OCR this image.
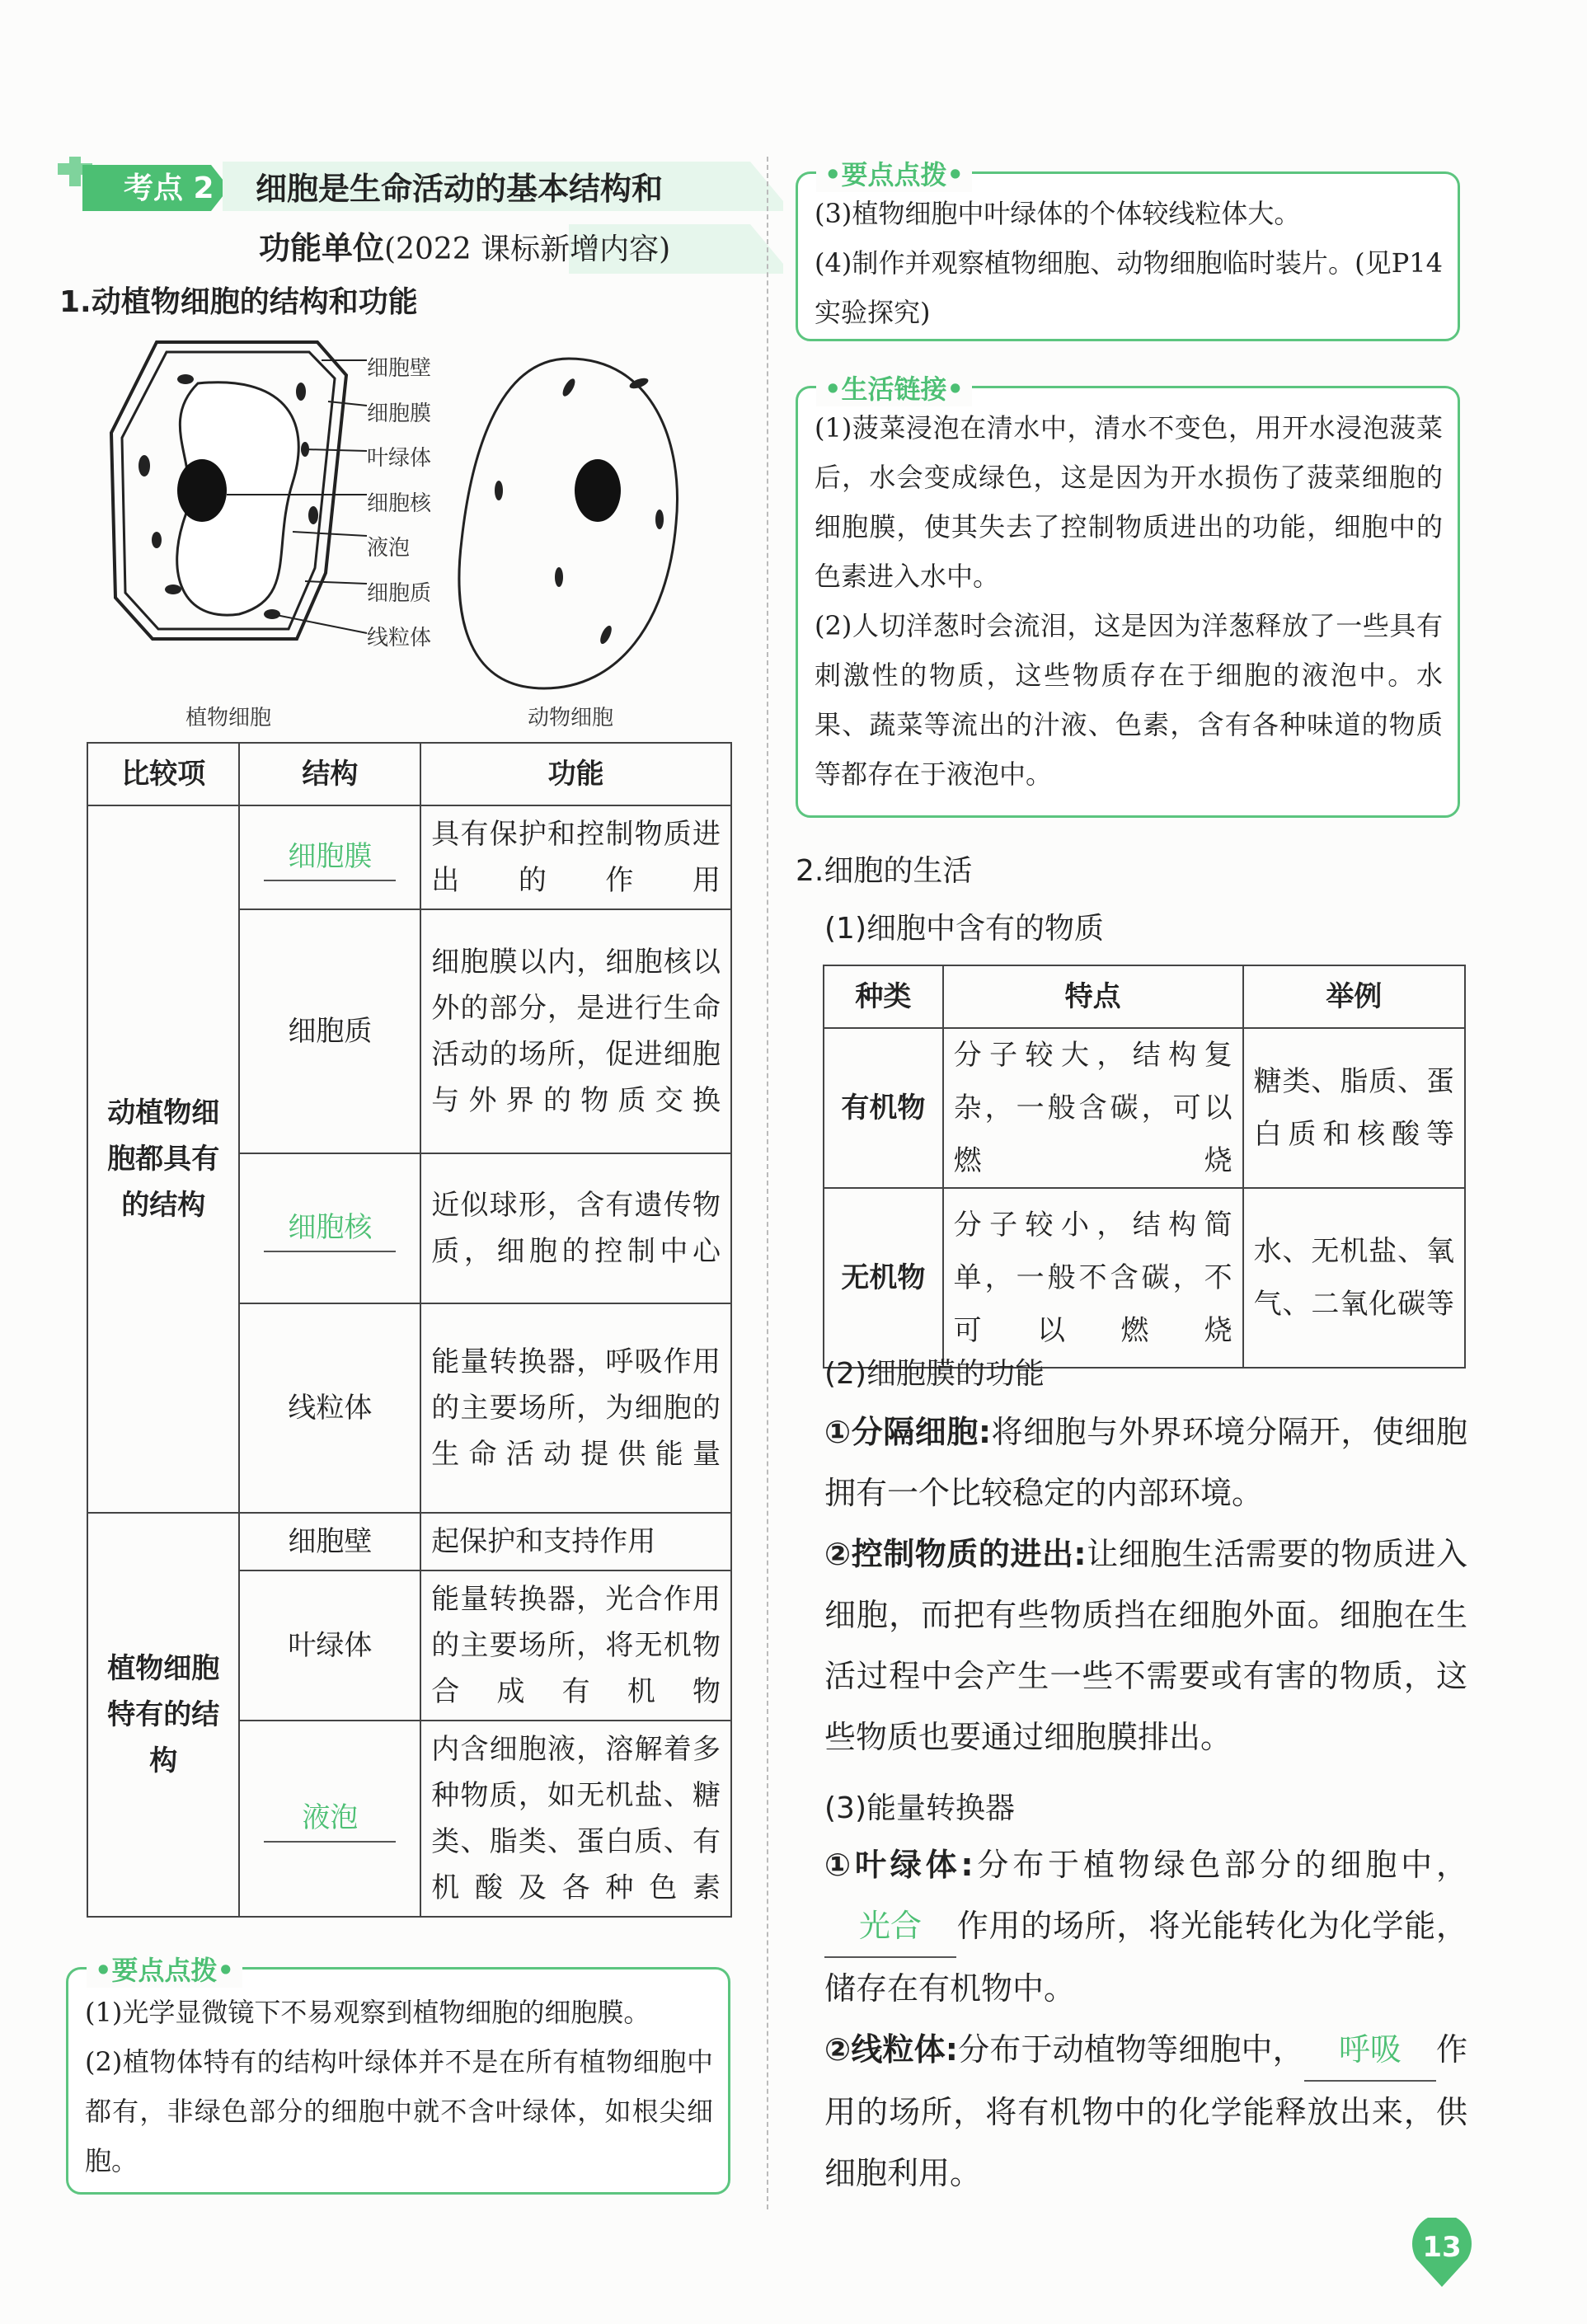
考点 2 细胞是生命活动的基本结构和
功能单位(2022 课标新增内容)
1.动植物细胞的结构和功能
细胞壁
细胞膜
叶绿体
细胞核
液泡
细胞质
线粒体
植物细胞	动物细胞
比较项	结构	功能
动植物细胞都具有的结构	细胞膜	具有保护和控制物质进出的作用
	细胞质	细胞膜以内，细胞核以外的部分，是进行生命活动的场所，促进细胞与外界的物质交换
	细胞核	近似球形，含有遗传物质，细胞的控制中心
	线粒体	能量转换器，呼吸作用的主要场所，为细胞的生命活动提供能量
植物细胞特有的结构	细胞壁	起保护和支持作用
	叶绿体	能量转换器，光合作用的主要场所，将无机物合成有机物
	液泡	内含细胞液，溶解着多种物质，如无机盐、糖类、脂类、蛋白质、有机酸及各种色素
•要点点拨•

(1)光学显微镜下不易观察到植物细胞的细胞膜。

(2)植物体特有的结构叶绿体并不是在所有植物细胞中都有，非绿色部分的细胞中就不含叶绿体，如根尖细胞。

•要点点拨•

(3)植物细胞中叶绿体的个体较线粒体大。

(4)制作并观察植物细胞、动物细胞临时装片。(见P14 实验探究)

•生活链接•

(1)菠菜浸泡在清水中，清水不变色，用开水浸泡菠菜后，水会变成绿色，这是因为开水损伤了菠菜细胞的细胞膜，使其失去了控制物质进出的功能，细胞中的色素进入水中。

(2)人切洋葱时会流泪，这是因为洋葱释放了一些具有刺激性的物质，这些物质存在于细胞的液泡中。水果、蔬菜等流出的汁液、色素，含有各种味道的物质等都存在于液泡中。

2.细胞的生活
(1)细胞中含有的物质
种类	特点	举例
有机物	分子较大，结构复杂，一般含碳，可以燃烧	糖类、脂质、蛋白质和核酸等
无机物	分子较小，结构简单，一般不含碳，不可以燃烧	水、无机盐、氧气、二氧化碳等
(2)细胞膜的功能

①分隔细胞:将细胞与外界环境分隔开，使细胞拥有一个比较稳定的内部环境。

②控制物质的进出:让细胞生活需要的物质进入细胞，而把有些物质挡在细胞外面。细胞在生活过程中会产生一些不需要或有害的物质，这些物质也要通过细胞膜排出。

(3)能量转换器

①叶绿体:分布于植物绿色部分的细胞中，光合 作用的场所，将光能转化为化学能，储存在有机物中。

②线粒体:分布于动植物等细胞中， 呼吸 作用的场所，将有机物中的化学能释放出来，供细胞利用。

13
